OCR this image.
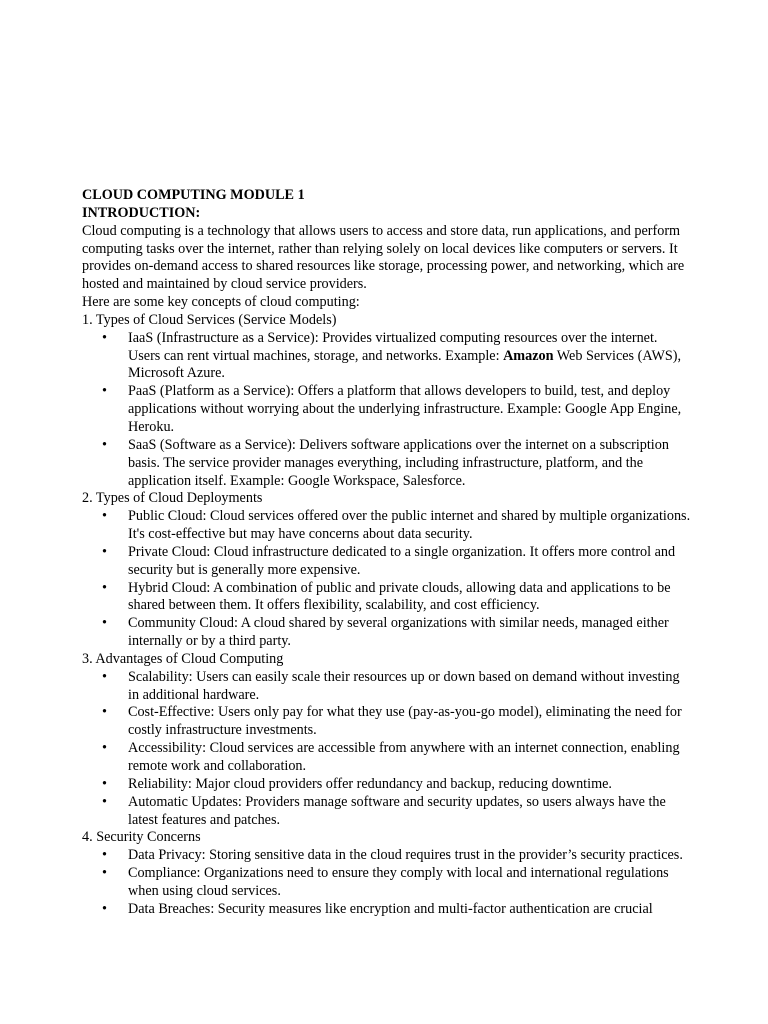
CLOUD COMPUTING MODULE 1

INTRODUCTION:

Cloud computing is a technology that allows users to access and store data, run applications, and perform computing tasks over the internet, rather than relying solely on local devices like computers or servers. It provides on-demand access to shared resources like storage, processing power, and networking, which are hosted and maintained by cloud service providers.

Here are some key concepts of cloud computing:

1. Types of Cloud Services (Service Models)

• IaaS (Infrastructure as a Service): Provides virtualized computing resources over the internet. Users can rent virtual machines, storage, and networks. Example: Amazon Web Services (AWS), Microsoft Azure.
• PaaS (Platform as a Service): Offers a platform that allows developers to build, test, and deploy applications without worrying about the underlying infrastructure. Example: Google App Engine, Heroku.
• SaaS (Software as a Service): Delivers software applications over the internet on a subscription basis. The service provider manages everything, including infrastructure, platform, and the application itself. Example: Google Workspace, Salesforce.

2. Types of Cloud Deployments

• Public Cloud: Cloud services offered over the public internet and shared by multiple organizations. It's cost-effective but may have concerns about data security.
• Private Cloud: Cloud infrastructure dedicated to a single organization. It offers more control and security but is generally more expensive.
• Hybrid Cloud: A combination of public and private clouds, allowing data and applications to be shared between them. It offers flexibility, scalability, and cost efficiency.
• Community Cloud: A cloud shared by several organizations with similar needs, managed either internally or by a third party.

3. Advantages of Cloud Computing

• Scalability: Users can easily scale their resources up or down based on demand without investing in additional hardware.
• Cost-Effective: Users only pay for what they use (pay-as-you-go model), eliminating the need for costly infrastructure investments.
• Accessibility: Cloud services are accessible from anywhere with an internet connection, enabling remote work and collaboration.
• Reliability: Major cloud providers offer redundancy and backup, reducing downtime.
• Automatic Updates: Providers manage software and security updates, so users always have the latest features and patches.

4. Security Concerns

• Data Privacy: Storing sensitive data in the cloud requires trust in the provider’s security practices.
• Compliance: Organizations need to ensure they comply with local and international regulations when using cloud services.
• Data Breaches: Security measures like encryption and multi-factor authentication are crucial
